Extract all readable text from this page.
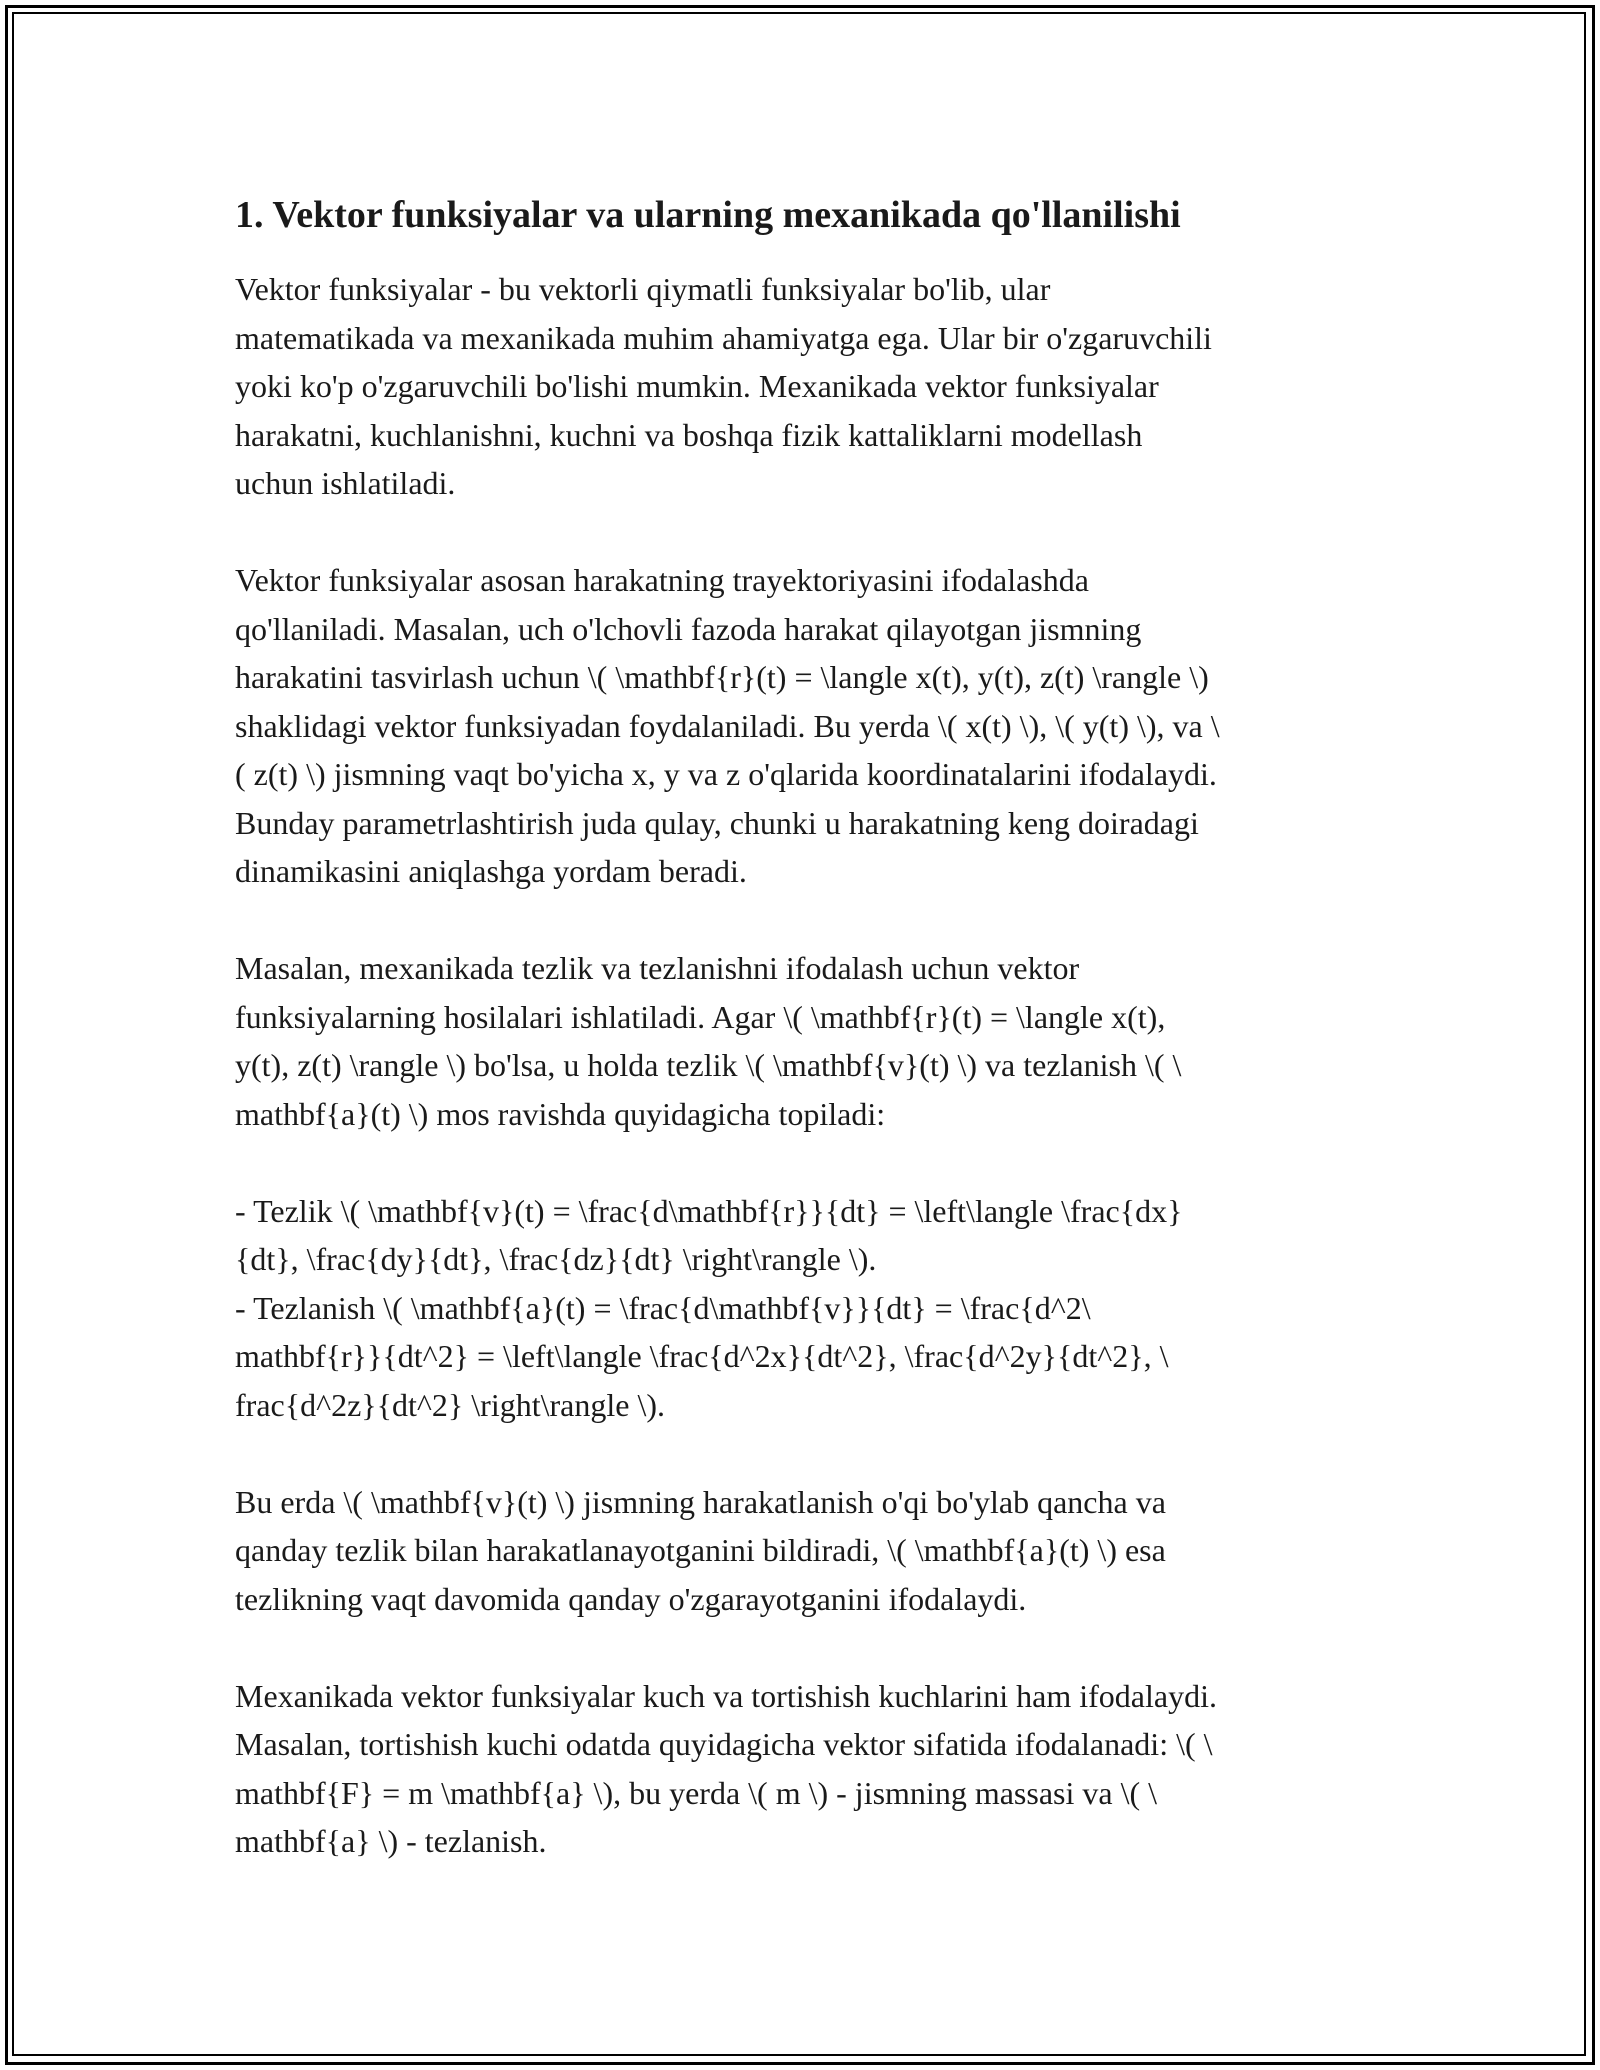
1. Vektor funksiyalar va ularning mexanikada qo'llanilishi

Vektor funksiyalar - bu vektorli qiymatli funksiyalar bo'lib, ular
matematikada va mexanikada muhim ahamiyatga ega. Ular bir o'zgaruvchili
yoki ko'p o'zgaruvchili bo'lishi mumkin. Mexanikada vektor funksiyalar
harakatni, kuchlanishni, kuchni va boshqa fizik kattaliklarni modellash
uchun ishlatiladi.

Vektor funksiyalar asosan harakatning trayektoriyasini ifodalashda
qo'llaniladi. Masalan, uch o'lchovli fazoda harakat qilayotgan jismning
harakatini tasvirlash uchun \( \mathbf{r}(t) = \langle x(t), y(t), z(t) \rangle \)
shaklidagi vektor funksiyadan foydalaniladi. Bu yerda \( x(t) \), \( y(t) \), va \
( z(t) \) jismning vaqt bo'yicha x, y va z o'qlarida koordinatalarini ifodalaydi.
Bunday parametrlashtirish juda qulay, chunki u harakatning keng doiradagi
dinamikasini aniqlashga yordam beradi.

Masalan, mexanikada tezlik va tezlanishni ifodalash uchun vektor
funksiyalarning hosilalari ishlatiladi. Agar \( \mathbf{r}(t) = \langle x(t),
y(t), z(t) \rangle \) bo'lsa, u holda tezlik \( \mathbf{v}(t) \) va tezlanish \( \
mathbf{a}(t) \) mos ravishda quyidagicha topiladi:

- Tezlik \( \mathbf{v}(t) = \frac{d\mathbf{r}}{dt} = \left\langle \frac{dx}
{dt}, \frac{dy}{dt}, \frac{dz}{dt} \right\rangle \).
- Tezlanish \( \mathbf{a}(t) = \frac{d\mathbf{v}}{dt} = \frac{d^2\
mathbf{r}}{dt^2} = \left\langle \frac{d^2x}{dt^2}, \frac{d^2y}{dt^2}, \
frac{d^2z}{dt^2} \right\rangle \).

Bu erda \( \mathbf{v}(t) \) jismning harakatlanish o'qi bo'ylab qancha va
qanday tezlik bilan harakatlanayotganini bildiradi, \( \mathbf{a}(t) \) esa
tezlikning vaqt davomida qanday o'zgarayotganini ifodalaydi.

Mexanikada vektor funksiyalar kuch va tortishish kuchlarini ham ifodalaydi.
Masalan, tortishish kuchi odatda quyidagicha vektor sifatida ifodalanadi: \( \
mathbf{F} = m \mathbf{a} \), bu yerda \( m \) - jismning massasi va \( \
mathbf{a} \) - tezlanish.
